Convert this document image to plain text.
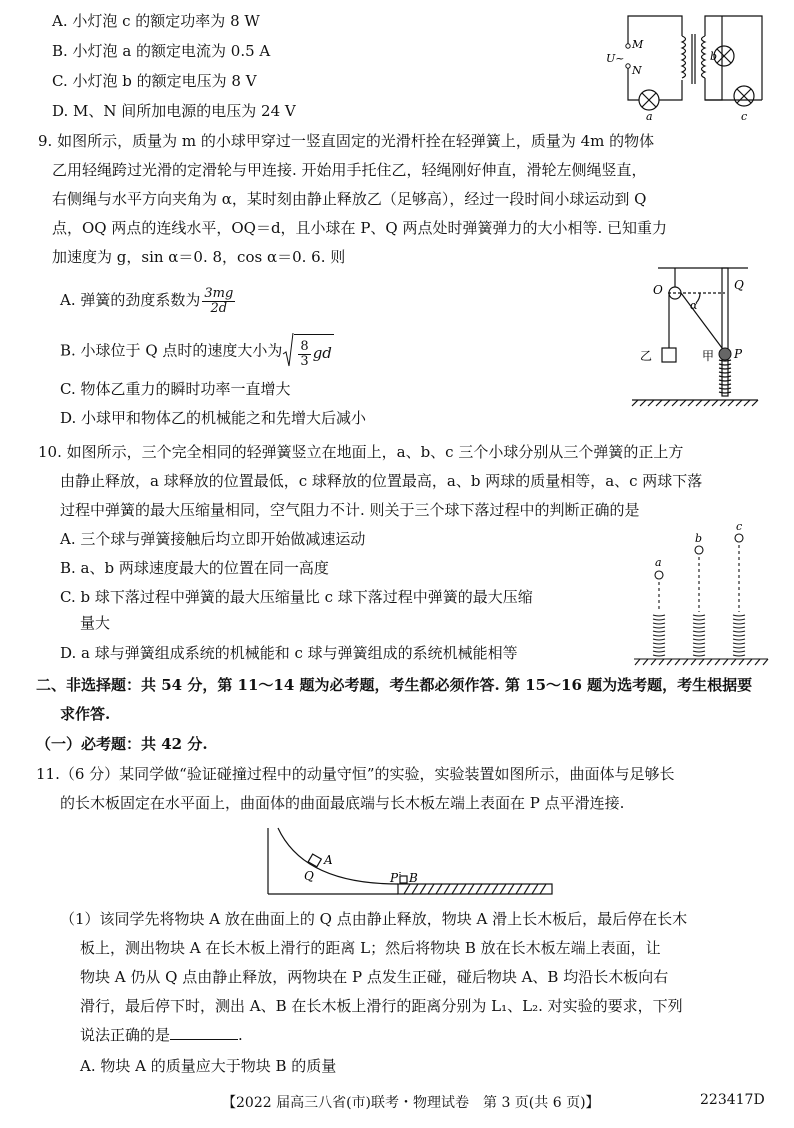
A. 小灯泡 c 的额定功率为 8 W
B. 小灯泡 a 的额定电流为 0.5 A
C. 小灯泡 b 的额定电压为 8 V
D. M、N 间所加电源的电压为 24 V
M
N
U~
a
b
c
9. 如图所示，质量为 m 的小球甲穿过一竖直固定的光滑杆拴在轻弹簧上，质量为 4m 的物体
乙用轻绳跨过光滑的定滑轮与甲连接. 开始用手托住乙，轻绳刚好伸直，滑轮左侧绳竖直，
右侧绳与水平方向夹角为 α，某时刻由静止释放乙（足够高），经过一段时间小球运动到 Q
点，OQ 两点的连线水平，OQ＝d，且小球在 P、Q 两点处时弹簧弹力的大小相等. 已知重力
加速度为 g，sin α＝0. 8，cos α＝0. 6. 则
A. 弹簧的劲度系数为 $\frac{3mg}{2d}$
B. 小球位于 Q 点时的速度大小为 $\frac{8}{3}$ gd
C. 物体乙重力的瞬时功率一直增大
D. 小球甲和物体乙的机械能之和先增大后减小
O	Q
α
乙	甲 P
10. 如图所示，三个完全相同的轻弹簧竖立在地面上，a、b、c 三个小球分别从三个弹簧的正上方
由静止释放，a 球释放的位置最低，c 球释放的位置最高，a、b 两球的质量相等，a、c 两球下落
过程中弹簧的最大压缩量相同，空气阻力不计. 则关于三个球下落过程中的判断正确的是
A. 三个球与弹簧接触后均立即开始做减速运动
B. a、b 两球速度最大的位置在同一高度
C. b 球下落过程中弹簧的最大压缩量比 c 球下落过程中弹簧的最大压缩
量大
D. a 球与弹簧组成系统的机械能和 c 球与弹簧组成的系统机械能相等
a
b
c
二、非选择题：共 54 分，第 11～14 题为必考题，考生都必须作答. 第 15～16 题为选考题，考生根据要
求作答.
（一）必考题：共 42 分.
11.（6 分）某同学做“验证碰撞过程中的动量守恒”的实验，实验装置如图所示，曲面体与足够长
的长木板固定在水平面上，曲面体的曲面最底端与长木板左端上表面在 P 点平滑连接.
Q
A
P B
（1）该同学先将物块 A 放在曲面上的 Q 点由静止释放，物块 A 滑上长木板后，最后停在长木
板上，测出物块 A 在长木板上滑行的距离 L；然后将物块 B 放在长木板左端上表面，让
物块 A 仍从 Q 点由静止释放，两物块在 P 点发生正碰，碰后物块 A、B 均沿长木板向右
滑行，最后停下时，测出 A、B 在长木板上滑行的距离分别为 L₁、L₂. 对实验的要求，下列
说法正确的是	.
A. 物块 A 的质量应大于物块 B 的质量
【2022 届高三八省(市)联考・物理试卷　第 3 页(共 6 页)】	223417D
